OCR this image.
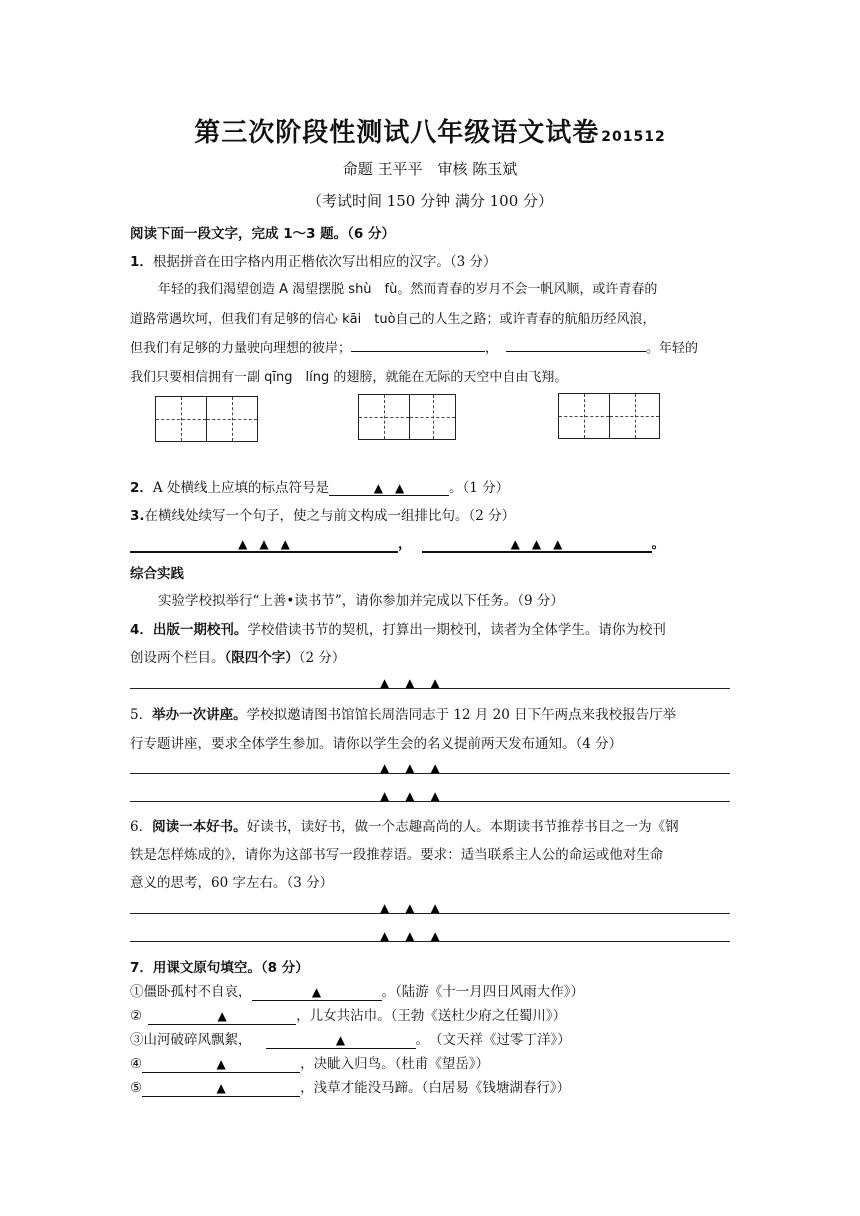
第三次阶段性测试八年级语文试卷 201512
命题 王平平　审核 陈玉斌
（考试时间 150 分钟 满分 100 分）
阅读下面一段文字，完成 1～3 题。（6 分）
1．根据拼音在田字格内用正楷依次写出相应的汉字。（3 分）
年轻的我们渴望创造 A 渴望摆脱 shù　fù。然而青春的岁月不会一帆风顺，或许青春的
道路常遇坎坷，但我们有足够的信心 kāi　tuò自己的人生之路；或许青春的航船历经风浪，
但我们有足够的力量驶向理想的彼岸；	，	。年轻的
我们只要相信拥有一副 qīng　líng 的翅膀，就能在无际的天空中自由飞翔。
2．A 处横线上应填的标点符号是	▲　▲	。（1 分）
3.在横线处续写一个句子，使之与前文构成一组排比句。（2 分）
▲　▲　▲	，	▲　▲　▲	。
综合实践
实验学校拟举行“上善•读书节”，请你参加并完成以下任务。（9 分）
4．出版一期校刊。学校借读书节的契机，打算出一期校刊，读者为全体学生。请你为校刊
创设两个栏目。（限四个字）（2 分）
▲　▲　▲
5．举办一次讲座。学校拟邀请图书馆馆长周浩同志于 12 月 20 日下午两点来我校报告厅举
行专题讲座，要求全体学生参加。请你以学生会的名义提前两天发布通知。（4 分）
▲　▲　▲
▲　▲　▲
6．阅读一本好书。好读书，读好书，做一个志趣高尚的人。本期读书节推荐书目之一为《钢
铁是怎样炼成的》，请你为这部书写一段推荐语。要求：适当联系主人公的命运或他对生命
意义的思考，60 字左右。（3 分）
▲　▲　▲
▲　▲　▲
7．用课文原句填空。（8 分）
①僵卧孤村不自哀，	▲	。（陆游《十一月四日风雨大作》）
②	▲	，儿女共沾巾。（王勃《送杜少府之任蜀川》）
③山河破碎风飘絮，	▲	。　（文天祥《过零丁洋》）
④	▲	，决眦入归鸟。（杜甫《望岳》）
⑤	▲	，浅草才能没马蹄。（白居易《钱塘湖春行》）
